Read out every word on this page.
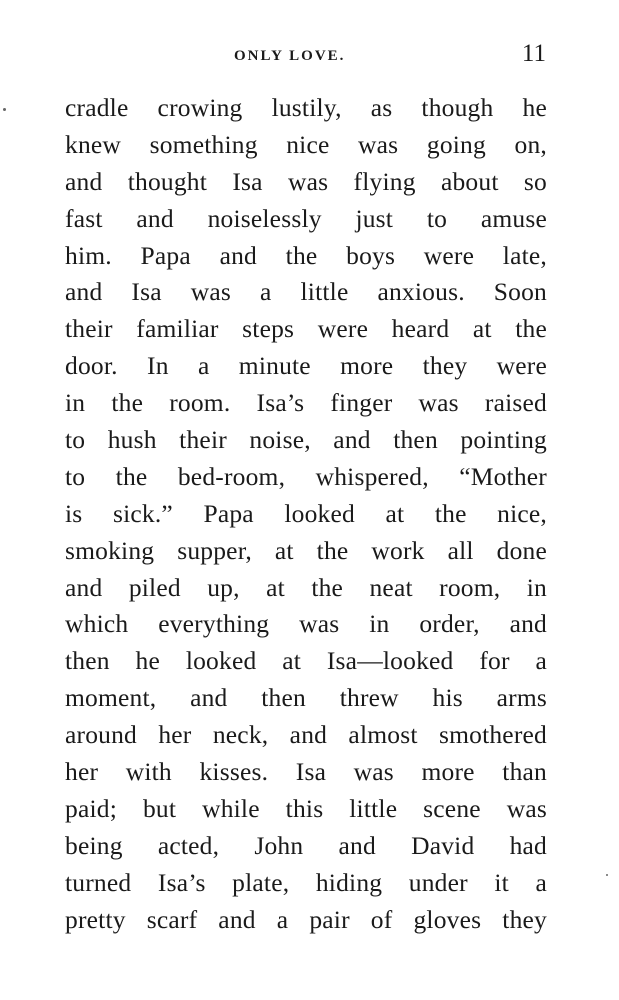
ONLY LOVE.	11
cradle crowing lustily, as though he
knew something nice was going on,
and thought Isa was flying about so
fast and noiselessly just to amuse
him. Papa and the boys were late,
and Isa was a little anxious. Soon
their familiar steps were heard at the
door. In a minute more they were
in the room. Isa’s finger was raised
to hush their noise, and then pointing
to the bed-room, whispered, “Mother
is sick.” Papa looked at the nice,
smoking supper, at the work all done
and piled up, at the neat room, in
which everything was in order, and
then he looked at Isa—looked for a
moment, and then threw his arms
around her neck, and almost smothered
her with kisses. Isa was more than
paid; but while this little scene was
being acted, John and David had
turned Isa’s plate, hiding under it a
pretty scarf and a pair of gloves they
